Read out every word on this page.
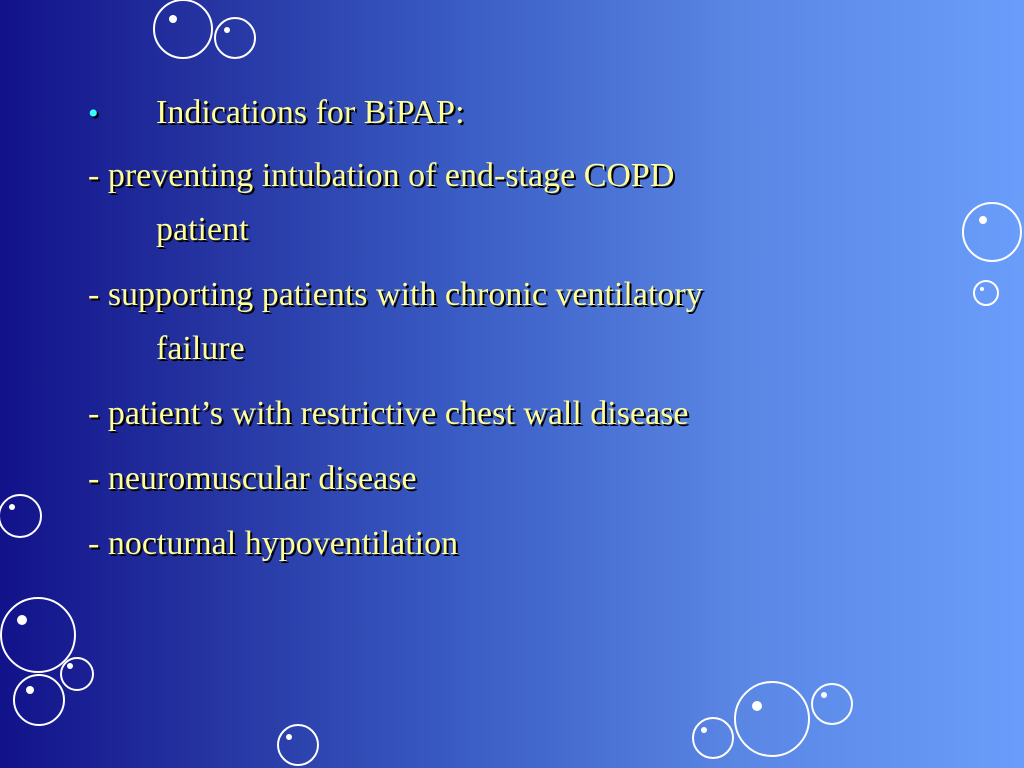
•	Indications for BiPAP:
- preventing intubation of end-stage COPD
patient
- supporting patients with chronic ventilatory
failure
- patient’s with restrictive chest wall disease
- neuromuscular disease
- nocturnal hypoventilation
